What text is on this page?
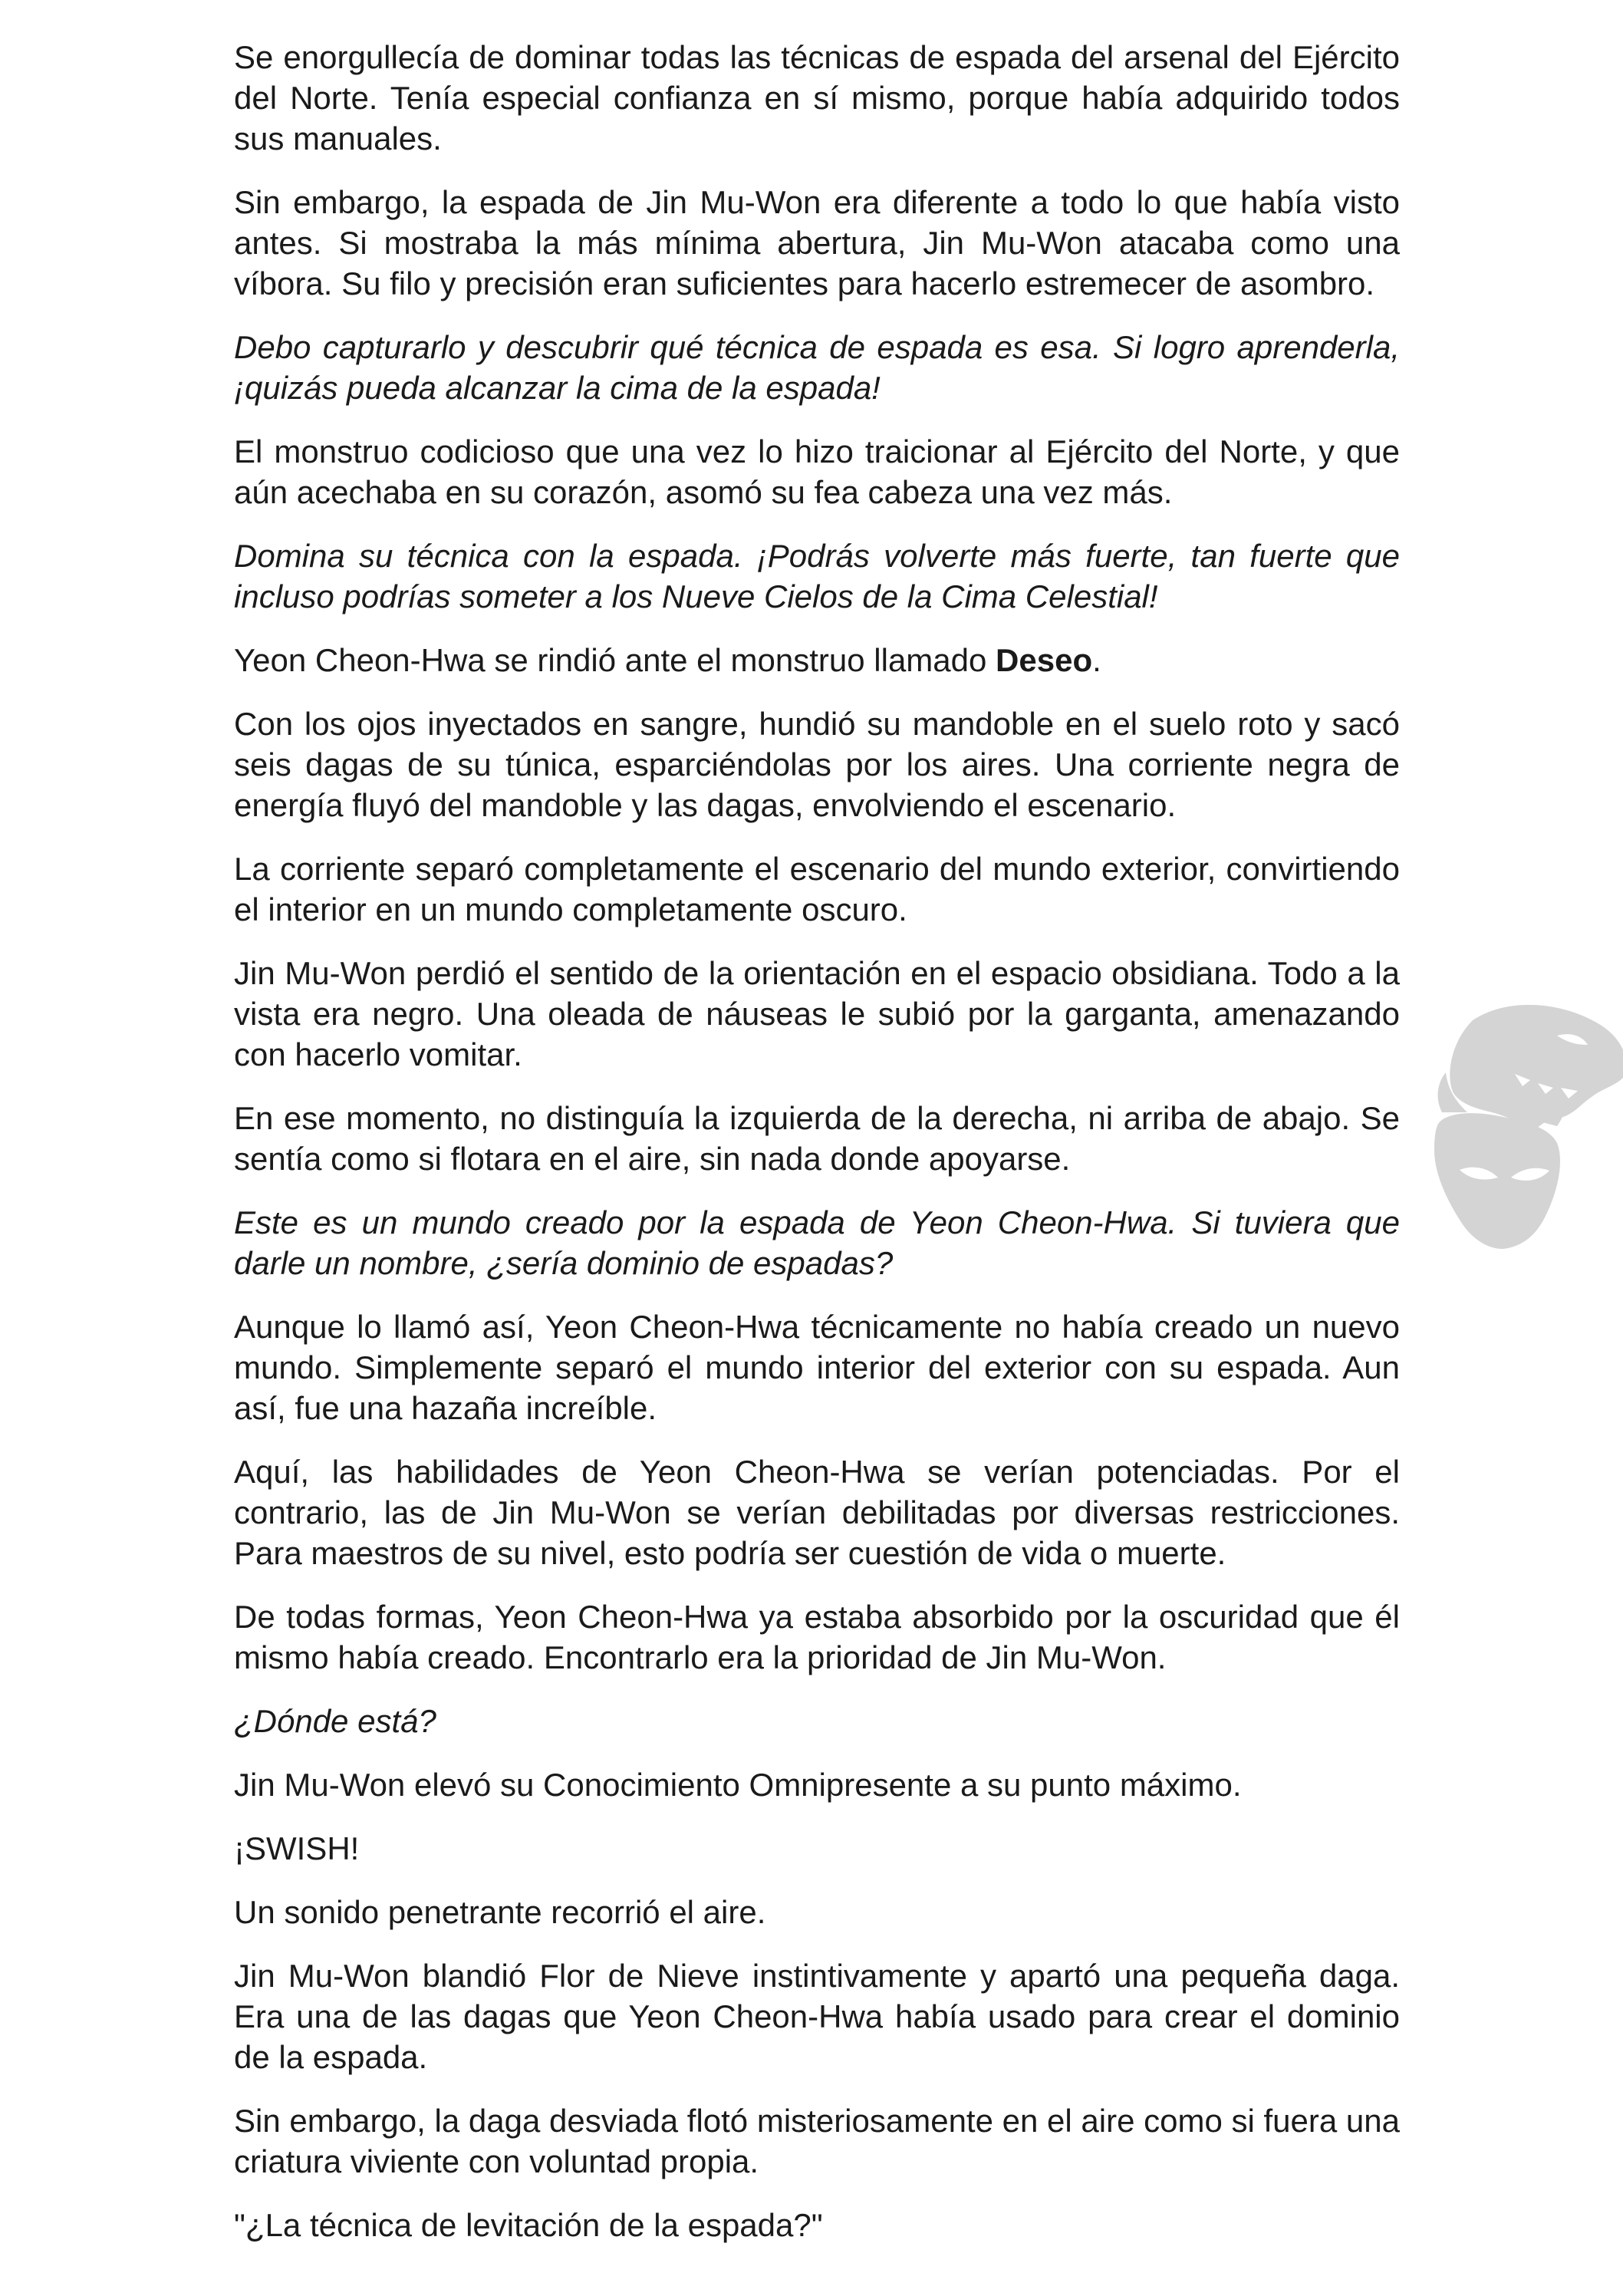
Se enorgullecía de dominar todas las técnicas de espada del arsenal del Ejército del Norte. Tenía especial confianza en sí mismo, porque había adquirido todos sus manuales.

Sin embargo, la espada de Jin Mu-Won era diferente a todo lo que había visto antes. Si mostraba la más mínima abertura, Jin Mu-Won atacaba como una víbora. Su filo y precisión eran suficientes para hacerlo estremecer de asombro.

Debo capturarlo y descubrir qué técnica de espada es esa. Si logro aprenderla, ¡quizás pueda alcanzar la cima de la espada!

El monstruo codicioso que una vez lo hizo traicionar al Ejército del Norte, y que aún acechaba en su corazón, asomó su fea cabeza una vez más.

Domina su técnica con la espada. ¡Podrás volverte más fuerte, tan fuerte que incluso podrías someter a los Nueve Cielos de la Cima Celestial!

Yeon Cheon-Hwa se rindió ante el monstruo llamado Deseo.

Con los ojos inyectados en sangre, hundió su mandoble en el suelo roto y sacó seis dagas de su túnica, esparciéndolas por los aires. Una corriente negra de energía fluyó del mandoble y las dagas, envolviendo el escenario.

La corriente separó completamente el escenario del mundo exterior, convirtiendo el interior en un mundo completamente oscuro.

Jin Mu-Won perdió el sentido de la orientación en el espacio obsidiana. Todo a la vista era negro. Una oleada de náuseas le subió por la garganta, amenazando con hacerlo vomitar.

En ese momento, no distinguía la izquierda de la derecha, ni arriba de abajo. Se sentía como si flotara en el aire, sin nada donde apoyarse.

Este es un mundo creado por la espada de Yeon Cheon-Hwa. Si tuviera que darle un nombre, ¿sería dominio de espadas?

Aunque lo llamó así, Yeon Cheon-Hwa técnicamente no había creado un nuevo mundo. Simplemente separó el mundo interior del exterior con su espada. Aun así, fue una hazaña increíble.

Aquí, las habilidades de Yeon Cheon-Hwa se verían potenciadas. Por el contrario, las de Jin Mu-Won se verían debilitadas por diversas restricciones. Para maestros de su nivel, esto podría ser cuestión de vida o muerte.

De todas formas, Yeon Cheon-Hwa ya estaba absorbido por la oscuridad que él mismo había creado. Encontrarlo era la prioridad de Jin Mu-Won.

¿Dónde está?

Jin Mu-Won elevó su Conocimiento Omnipresente a su punto máximo.

¡SWISH!

Un sonido penetrante recorrió el aire.

Jin Mu-Won blandió Flor de Nieve instintivamente y apartó una pequeña daga. Era una de las dagas que Yeon Cheon-Hwa había usado para crear el dominio de la espada.

Sin embargo, la daga desviada flotó misteriosamente en el aire como si fuera una criatura viviente con voluntad propia.

"¿La técnica de levitación de la espada?"
